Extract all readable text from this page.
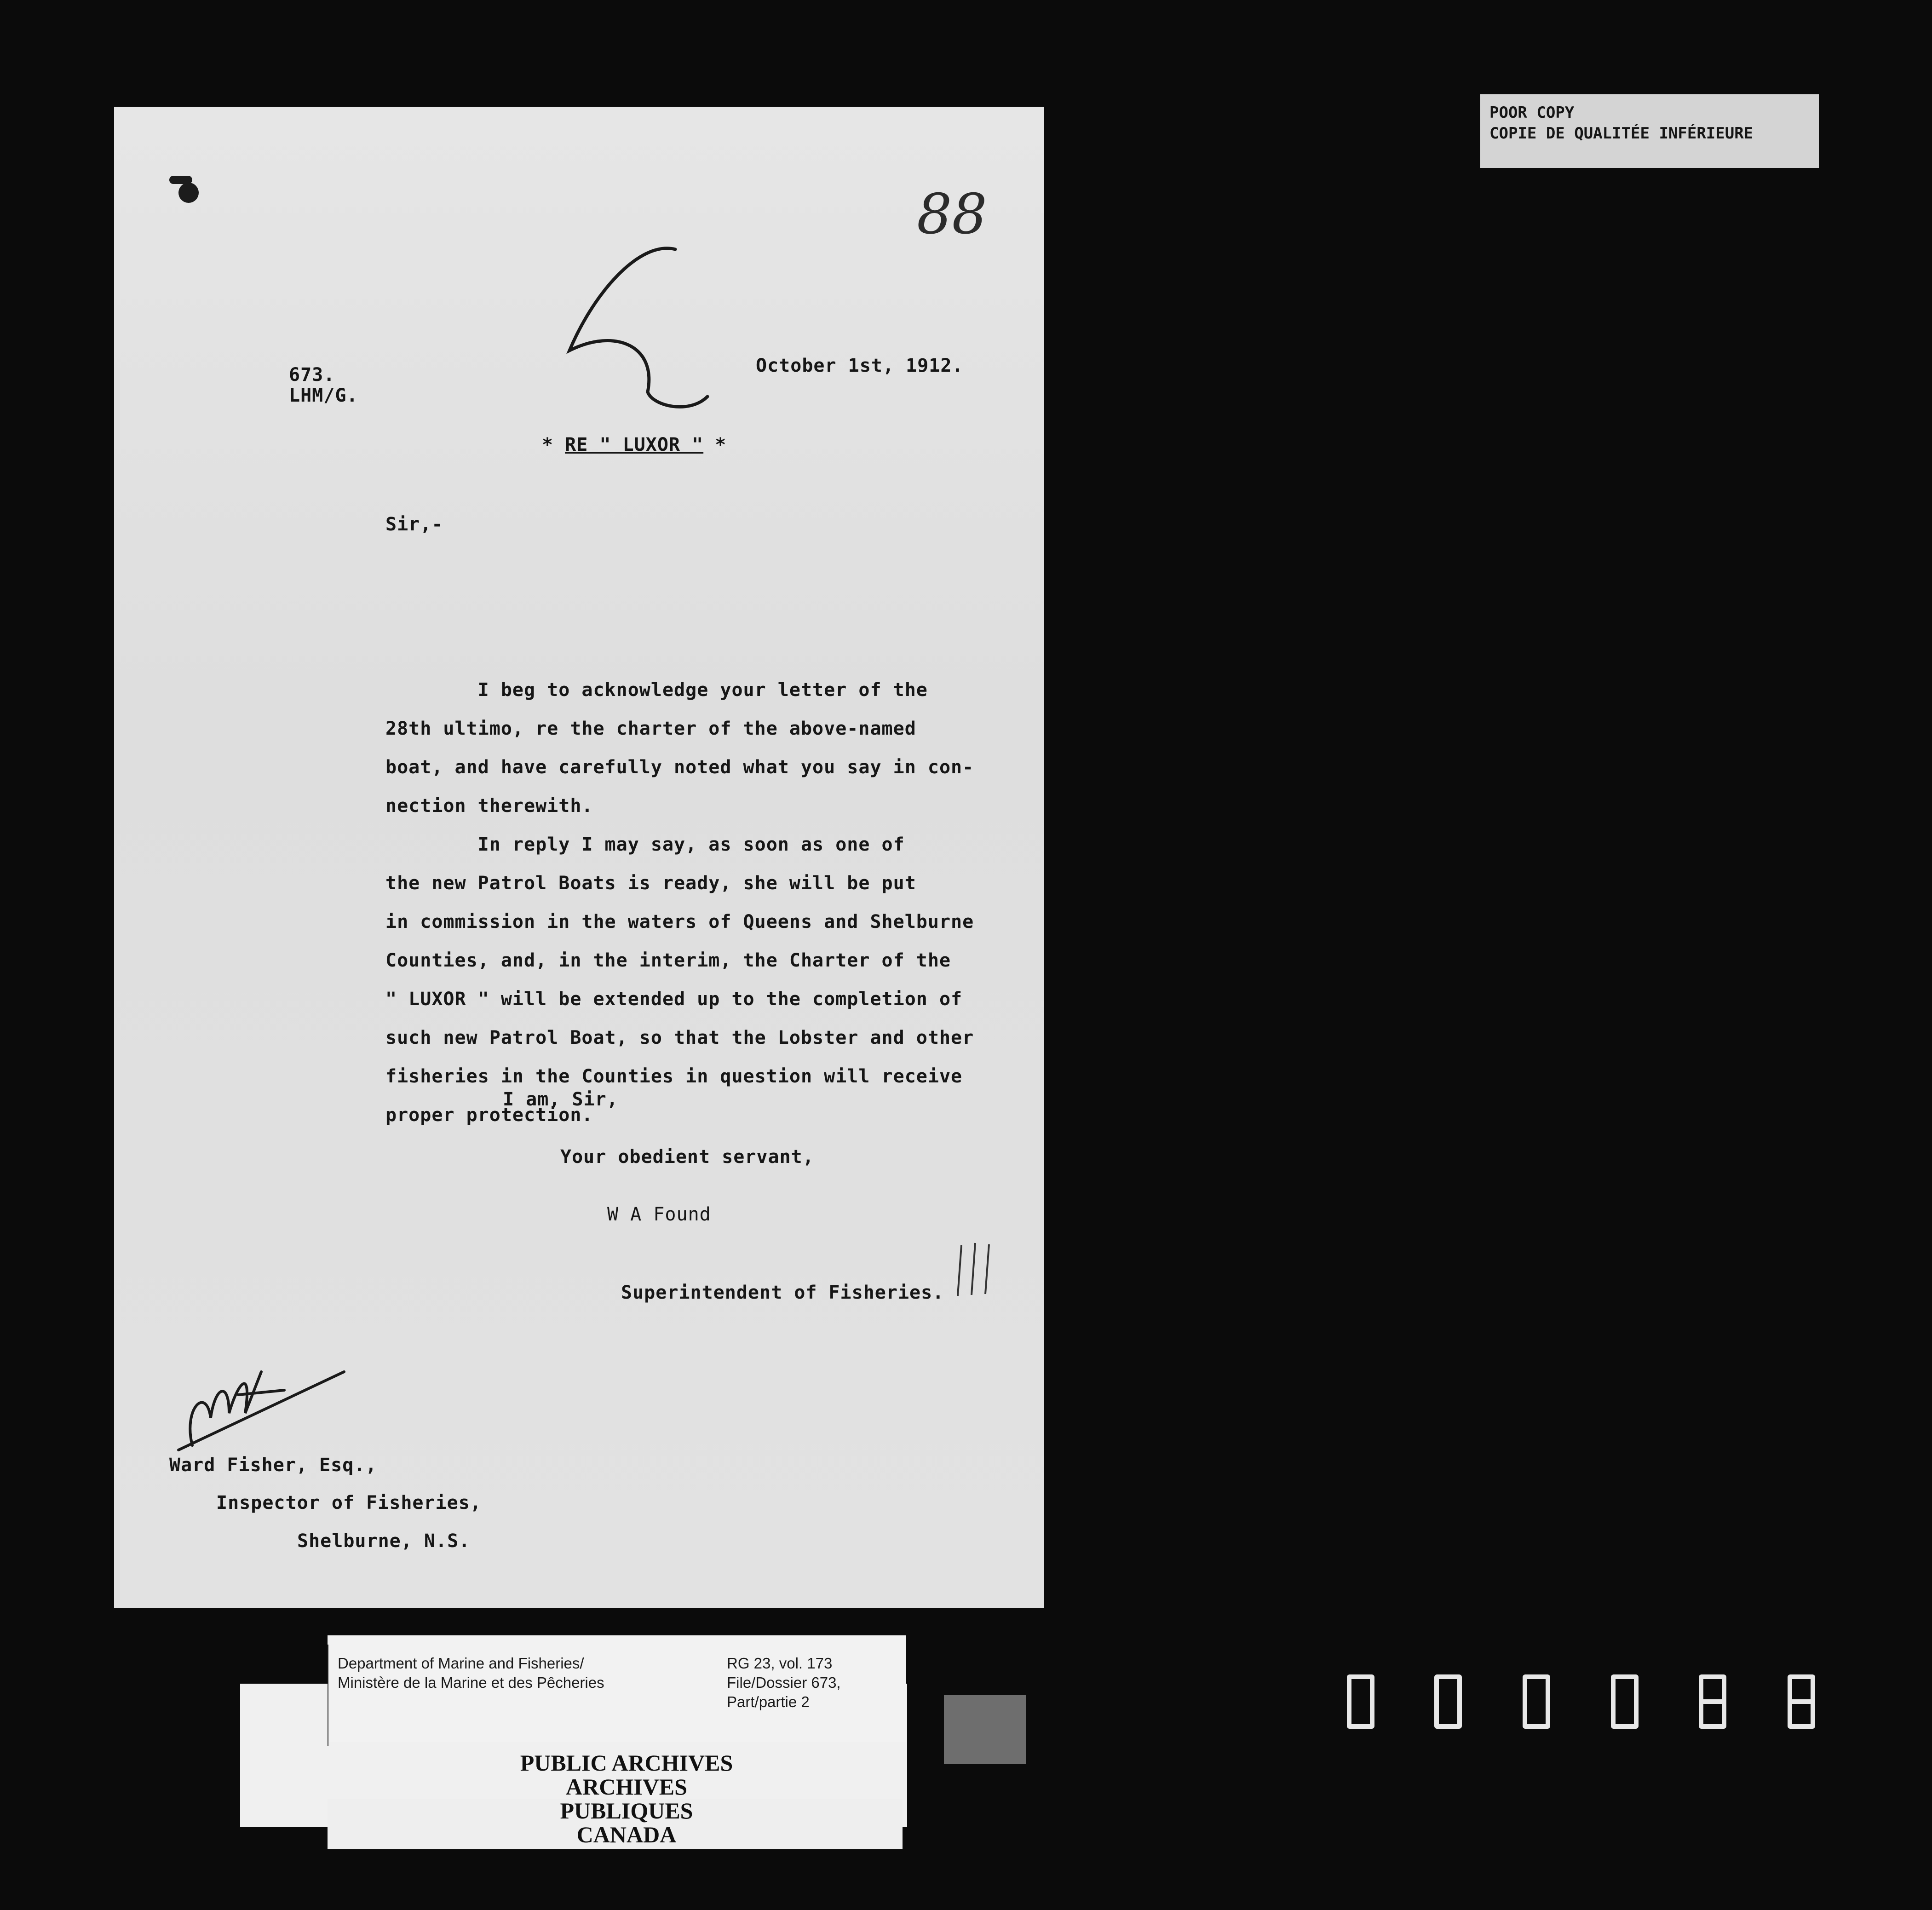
POOR COPY
COPIE DE QUALITÉE INFÉRIEURE
88
673.
LHM/G.
October 1st, 1912.
* RE " LUXOR " *
Sir,-
I beg to acknowledge your letter of the
28th ultimo, re the charter of the above-named
boat, and have carefully noted what you say in con-
nection therewith.
In reply I may say, as soon as one of
the new Patrol Boats is ready, she will be put
in commission in the waters of Queens and Shelburne
Counties, and, in the interim, the Charter of the
" LUXOR " will be extended up to the completion of
such new Patrol Boat, so that the Lobster and other
fisheries in the Counties in question will receive
proper protection.
I am, Sir,
Your obedient servant,
W A Found
Superintendent of Fisheries.
Ward Fisher, Esq.,
Inspector of Fisheries,
Shelburne, N.S.
Department of Marine and Fisheries/
Ministère de la Marine et des Pêcheries
RG 23, vol. 173
File/Dossier 673,
Part/partie 2
PUBLIC ARCHIVES
ARCHIVES PUBLIQUES
CANADA
